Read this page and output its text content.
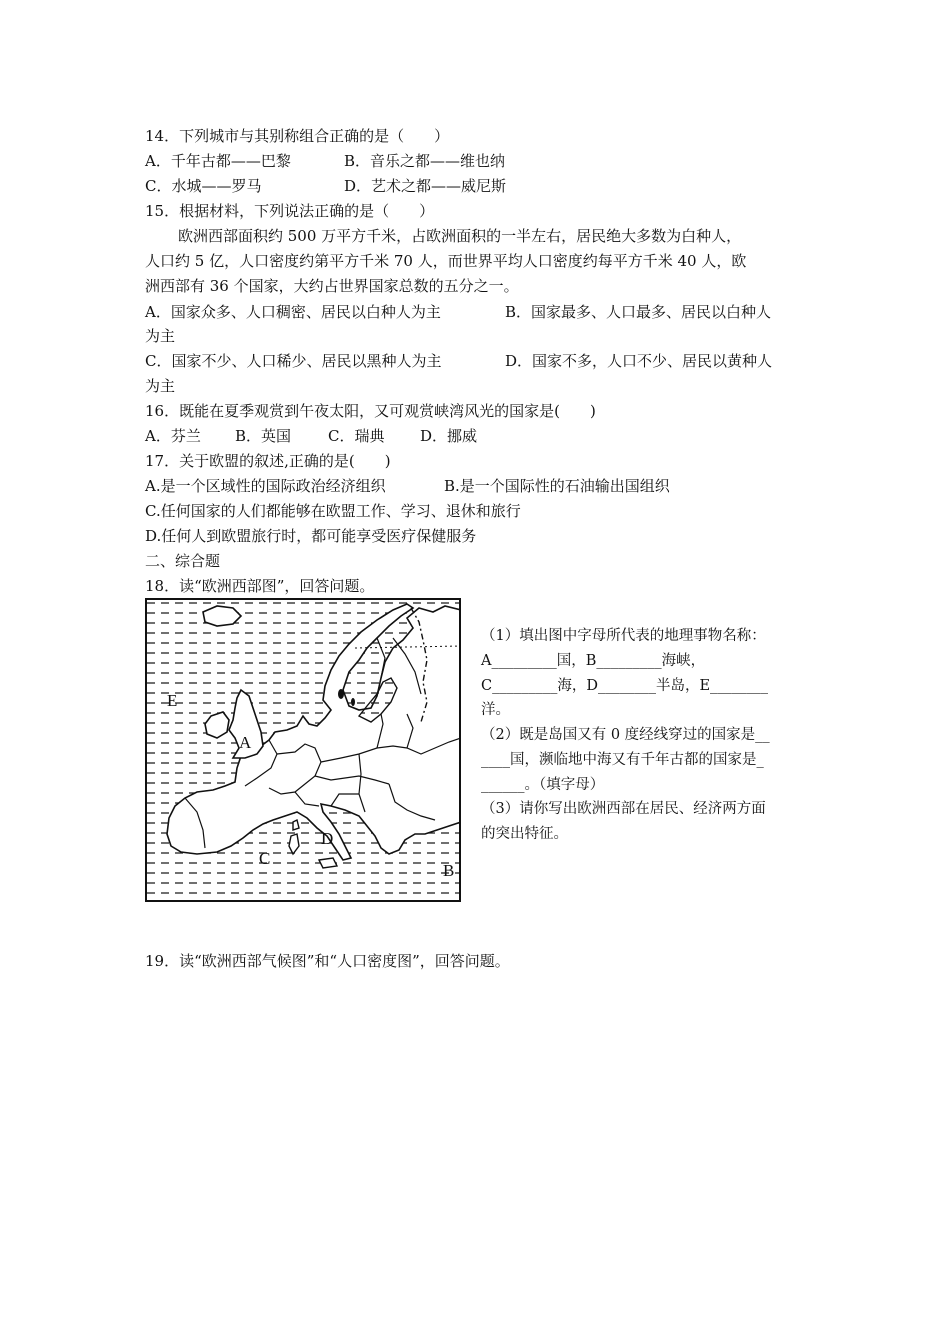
14．下列城市与其别称组合正确的是（　　）
A．千年古都——巴黎	B．音乐之都——维也纳
C．水城——罗马	D．艺术之都——威尼斯
15．根据材料，下列说法正确的是（　　）
欧洲西部面积约 500 万平方千米，占欧洲面积的一半左右，居民绝大多数为白种人，
人口约 5 亿，人口密度约第平方千米 70 人，而世界平均人口密度约每平方千米 40 人，欧
洲西部有 36 个国家，大约占世界国家总数的五分之一。
A．国家众多、人口稠密、居民以白种人为主	B．国家最多、人口最多、居民以白种人
为主
C．国家不少、人口稀少、居民以黑种人为主	D．国家不多，人口不少、居民以黄种人
为主
16．既能在夏季观赏到午夜太阳，又可观赏峡湾风光的国家是(　　)
A．芬兰 B．英国 C．瑞典 D．挪威
17．关于欧盟的叙述,正确的是(　　)
A.是一个区域性的国际政治经济组织	B.是一个国际性的石油输出国组织
C.任何国家的人们都能够在欧盟工作、学习、退休和旅行
D.任何人到欧盟旅行时，都可能享受医疗保健服务
二、综合题
18．读“欧洲西部图”，回答问题。
E
A
D
C
B
（1）填出图中字母所代表的地理事物名称：
A_________国，B_________海峡，
C_________海，D________半岛，E________
洋。
（2）既是岛国又有 0 度经线穿过的国家是__
____国，濒临地中海又有千年古都的国家是_
______。（填字母）
（3）请你写出欧洲西部在居民、经济两方面
的突出特征。
19．读“欧洲西部气候图”和“人口密度图”，回答问题。
